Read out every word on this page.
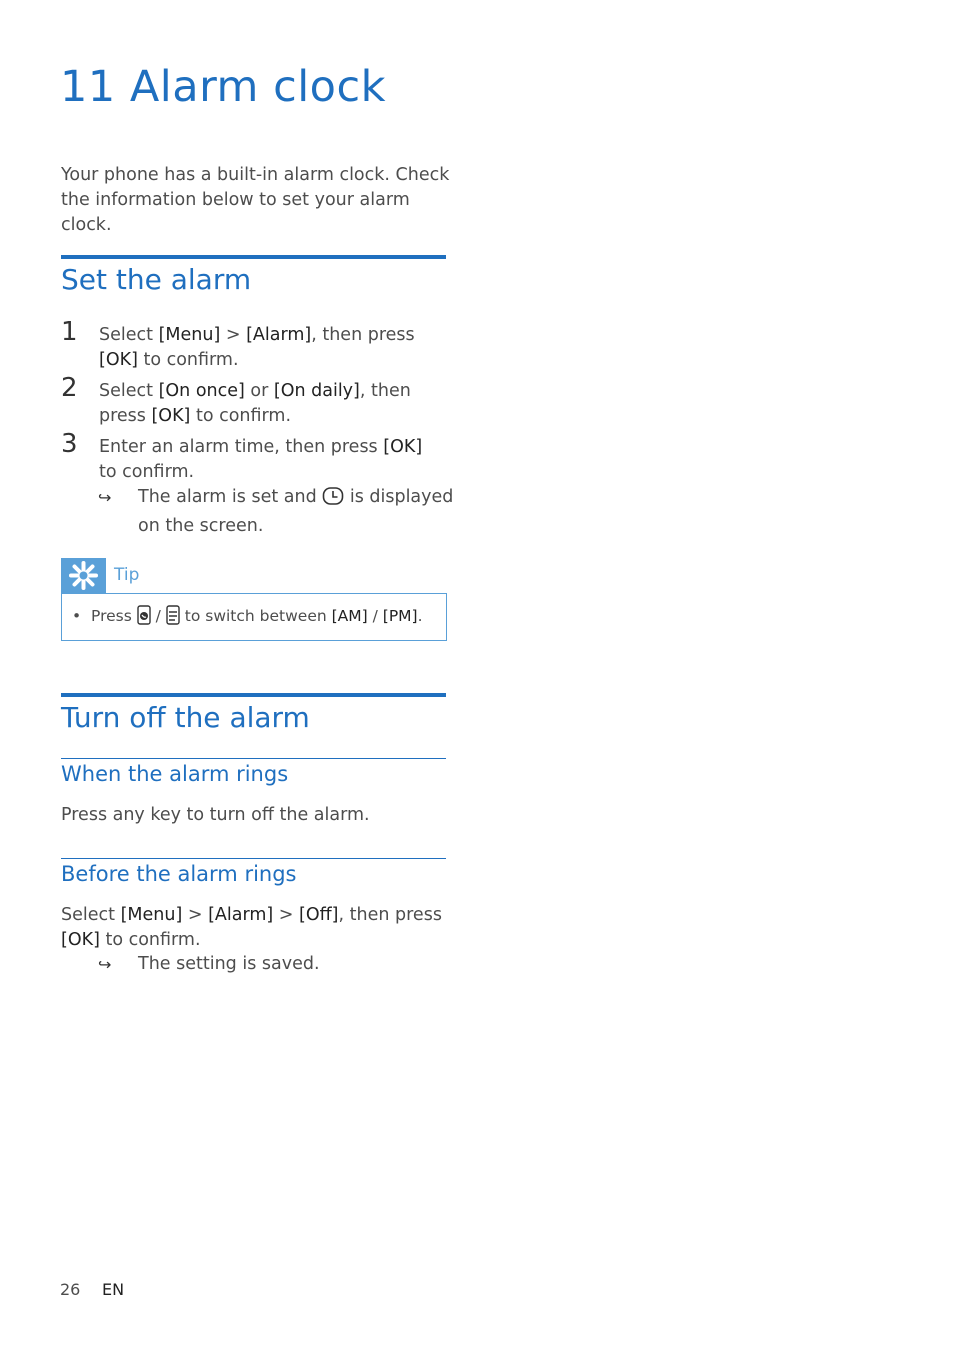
11 Alarm clock

Your phone has a built-in alarm clock. Check the information below to set your alarm clock.

Set the alarm
1 Select [Menu] > [Alarm], then press [OK] to confirm.
2 Select [On once] or [On daily], then press [OK] to confirm.
3 Enter an alarm time, then press [OK] to confirm.
↪ The alarm is set and  is displayed on the screen.
Tip
• Press  /  to switch between [AM] / [PM].
Turn off the alarm
When the alarm rings

Press any key to turn off the alarm.

Before the alarm rings

Select [Menu] > [Alarm] > [Off], then press [OK] to confirm.

↪ The setting is saved.
26 EN
